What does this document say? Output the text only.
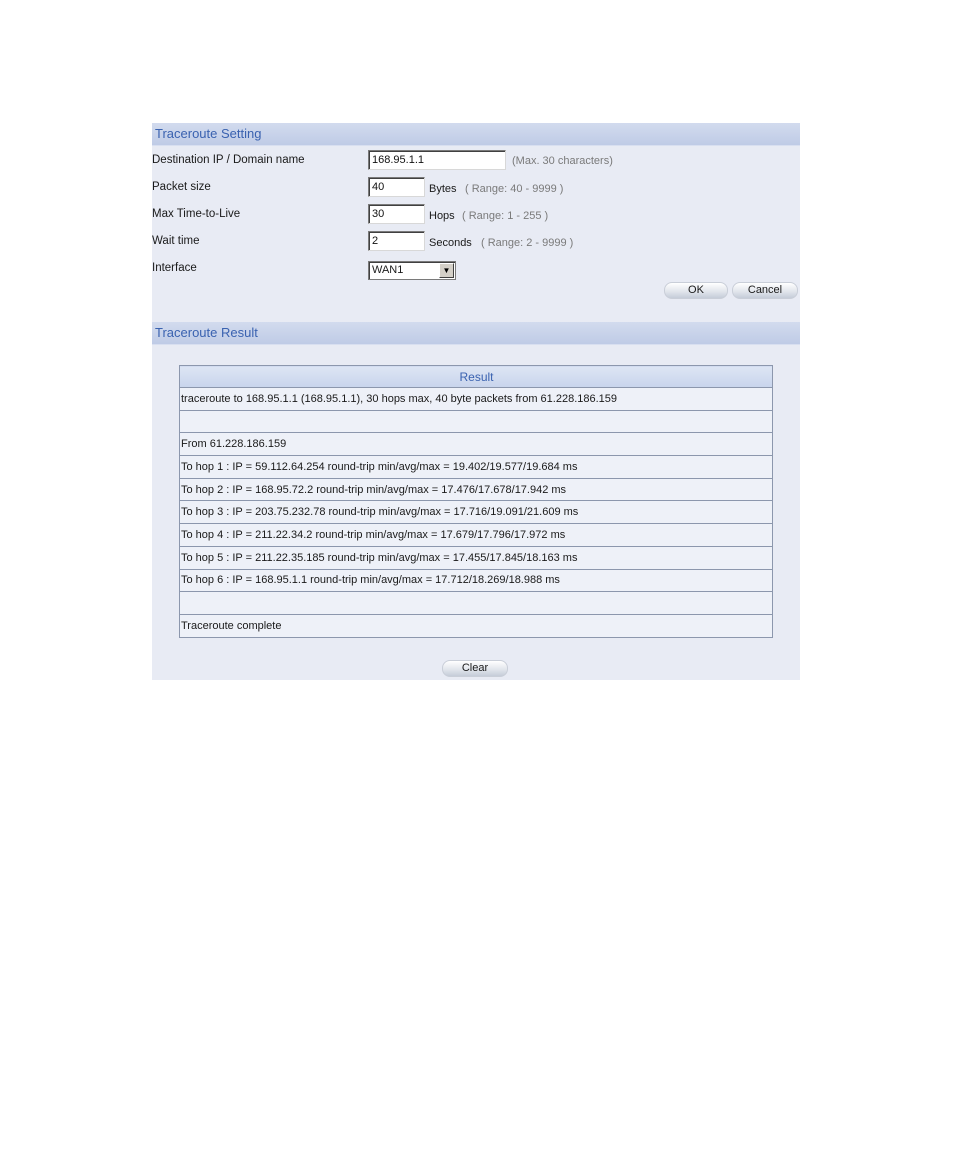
Traceroute Setting
Destination IP / Domain name
168.95.1.1	(Max. 30 characters)
Packet size
40	Bytes ( Range: 40 - 9999 )
Max Time-to-Live
30	Hops ( Range: 1 - 255 )
Wait time
2	Seconds ( Range: 2 - 9999 )
Interface	WAN1	▼
OK	Cancel
Traceroute Result
Result
traceroute to 168.95.1.1 (168.95.1.1), 30 hops max, 40 byte packets from 61.228.186.159

From 61.228.186.159
To hop 1 : IP = 59.112.64.254 round-trip min/avg/max = 19.402/19.577/19.684 ms
To hop 2 : IP = 168.95.72.2 round-trip min/avg/max = 17.476/17.678/17.942 ms
To hop 3 : IP = 203.75.232.78 round-trip min/avg/max = 17.716/19.091/21.609 ms
To hop 4 : IP = 211.22.34.2 round-trip min/avg/max = 17.679/17.796/17.972 ms
To hop 5 : IP = 211.22.35.185 round-trip min/avg/max = 17.455/17.845/18.163 ms
To hop 6 : IP = 168.95.1.1 round-trip min/avg/max = 17.712/18.269/18.988 ms

Traceroute complete
Clear
